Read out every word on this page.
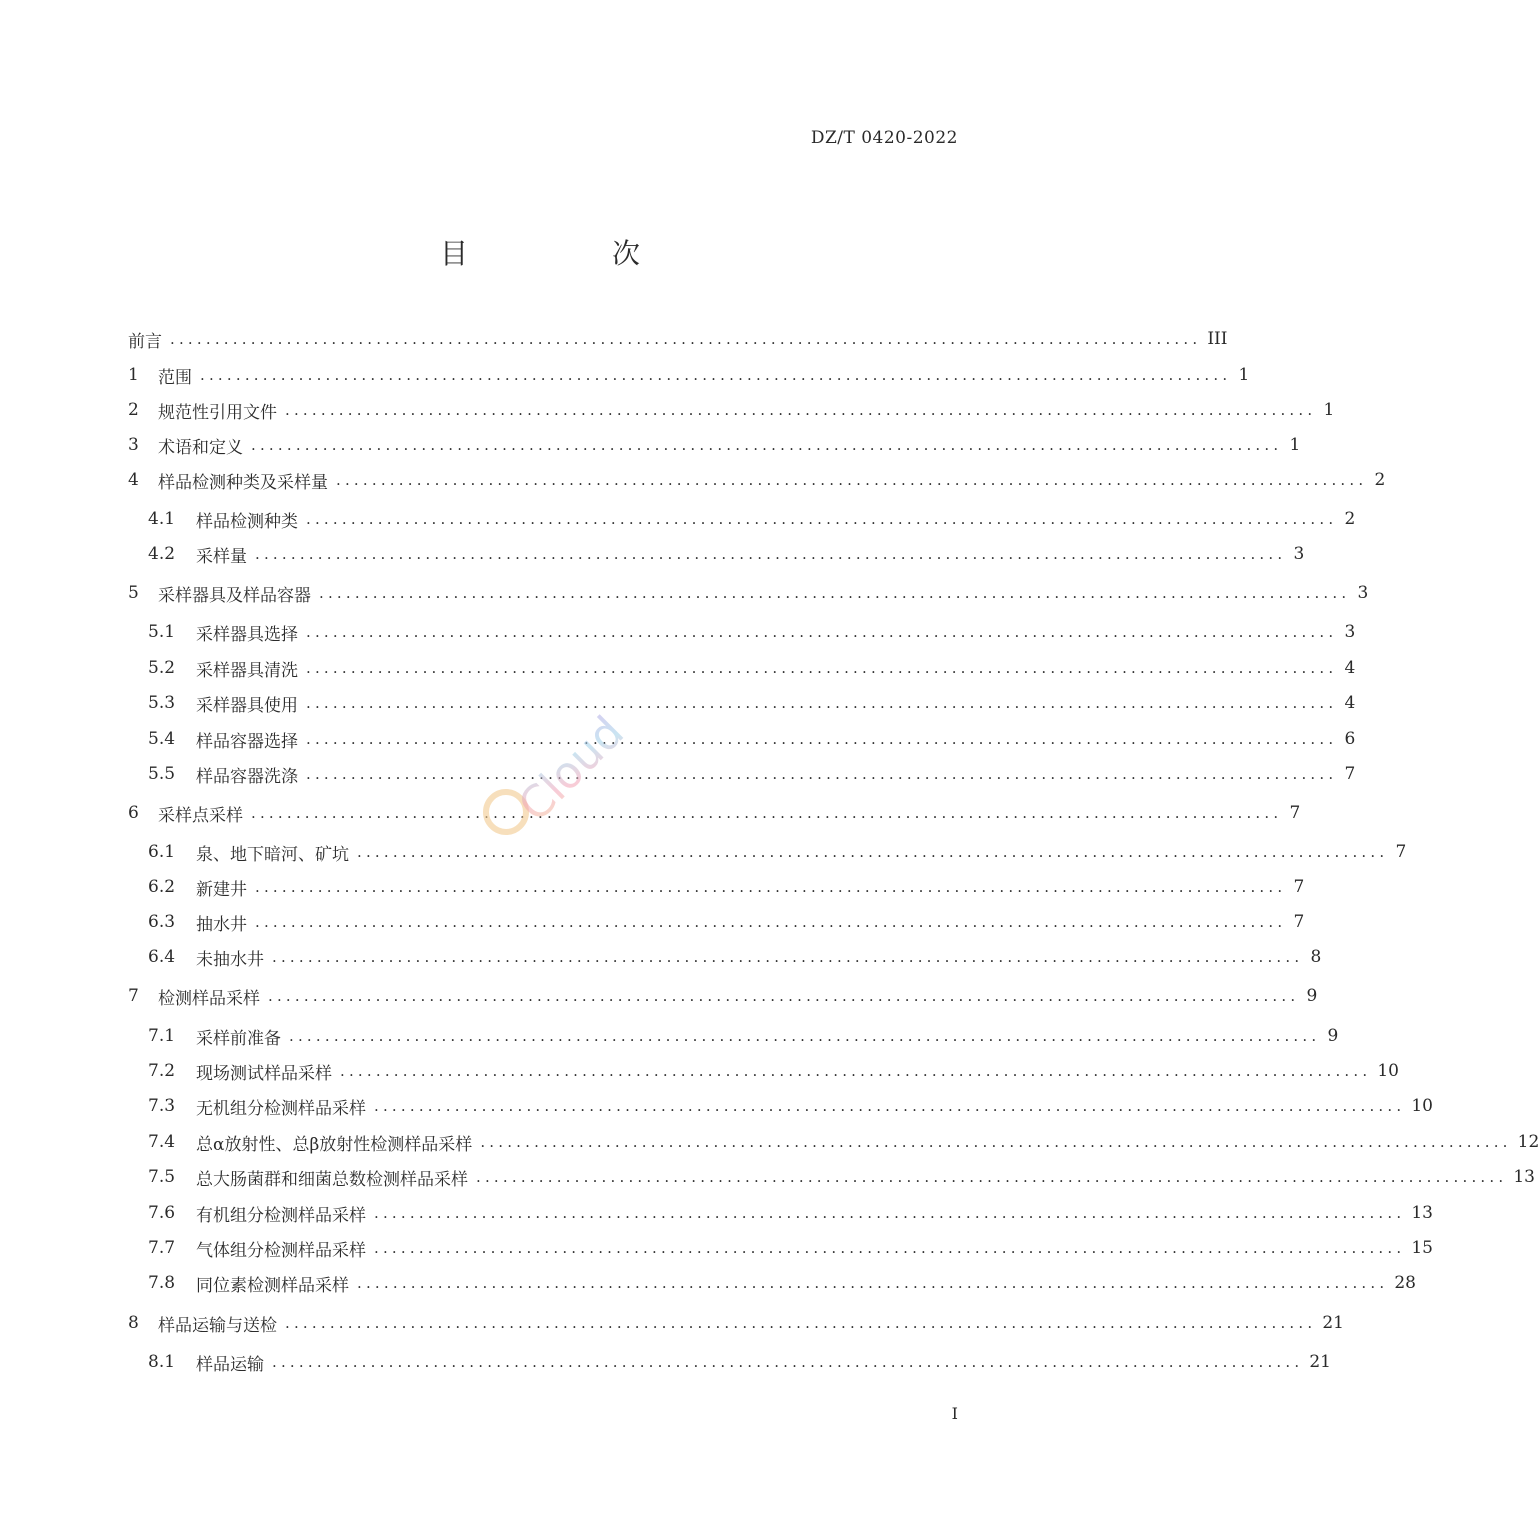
DZ/T 0420-2022
目　次
前言 ................................................................................................................... III
1	范围 ................................................................................................................... 1
2	规范性引用文件 ................................................................................................................... 1
3	术语和定义 ................................................................................................................... 1
4	样品检测种类及采样量 ................................................................................................................... 2
4.1	样品检测种类 ................................................................................................................... 2
4.2	采样量 ................................................................................................................... 3
5	采样器具及样品容器 ................................................................................................................... 3
5.1	采样器具选择 ................................................................................................................... 3
5.2	采样器具清洗 ................................................................................................................... 4
5.3	采样器具使用 ................................................................................................................... 4
5.4	样品容器选择 ................................................................................................................... 6
5.5	样品容器洗涤 ................................................................................................................... 7
6	采样点采样 ................................................................................................................... 7
6.1	泉、地下暗河、矿坑 ................................................................................................................... 7
6.2	新建井 ................................................................................................................... 7
6.3	抽水井 ................................................................................................................... 7
6.4	未抽水井 ................................................................................................................... 8
7	检测样品采样 ................................................................................................................... 9
7.1	采样前准备 ................................................................................................................... 9
7.2	现场测试样品采样 ................................................................................................................... 10
7.3	无机组分检测样品采样 ................................................................................................................... 10
7.4	总α放射性、总β放射性检测样品采样 ................................................................................................................... 12
7.5	总大肠菌群和细菌总数检测样品采样 ................................................................................................................... 13
7.6	有机组分检测样品采样 ................................................................................................................... 13
7.7	气体组分检测样品采样 ................................................................................................................... 15
7.8	同位素检测样品采样 ................................................................................................................... 28
8	样品运输与送检 ................................................................................................................... 21
8.1	样品运输 ................................................................................................................... 21
Cloud
I
